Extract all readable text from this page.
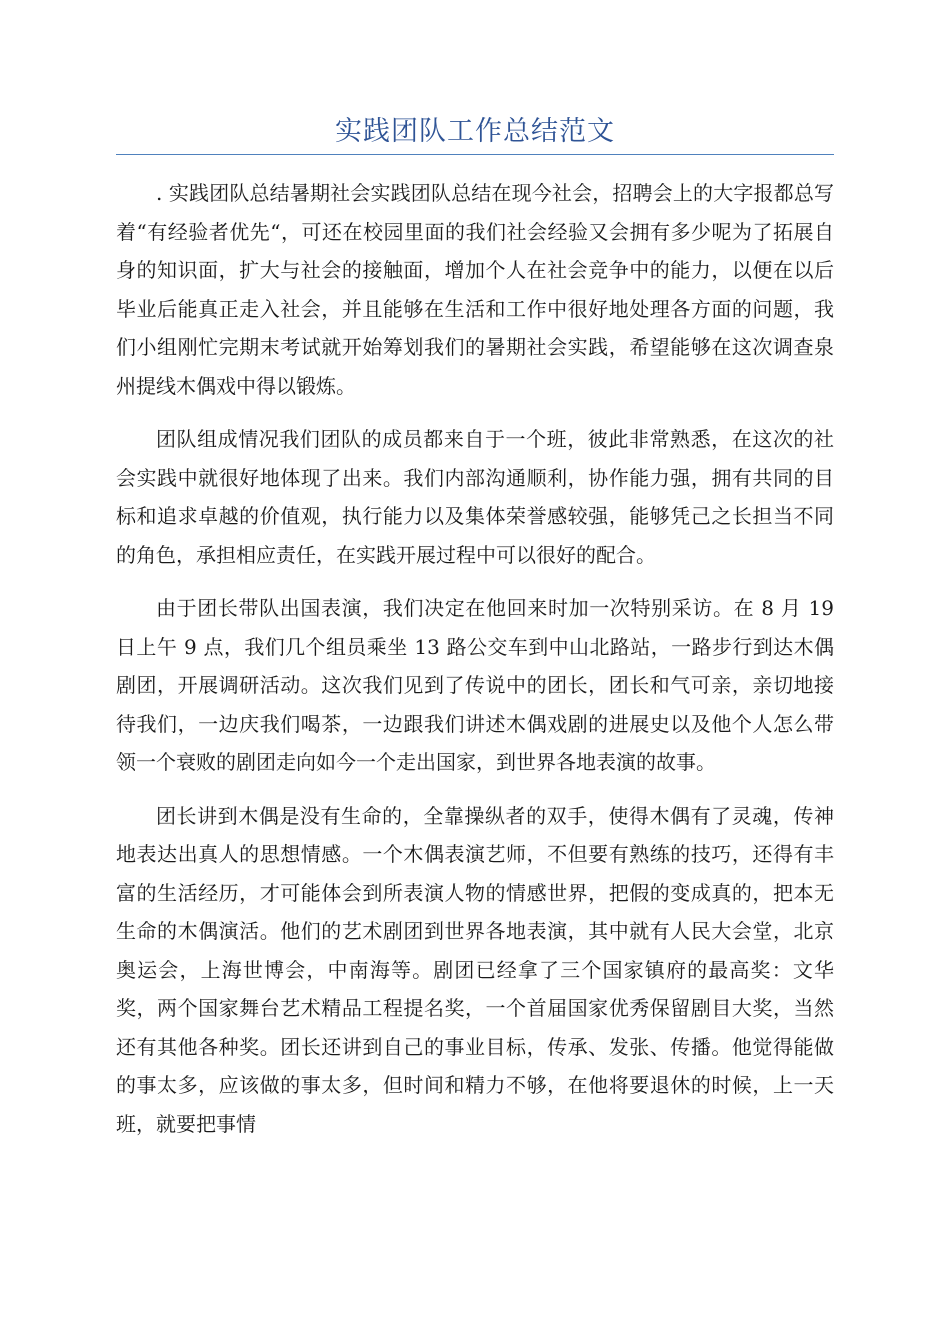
实践团队工作总结范文

. 实践团队总结暑期社会实践团队总结在现今社会，招聘会上的大字报都总写着“有经验者优先“，可还在校园里面的我们社会经验又会拥有多少呢为了拓展自身的知识面，扩大与社会的接触面，增加个人在社会竞争中的能力，以便在以后毕业后能真正走入社会，并且能够在生活和工作中很好地处理各方面的问题，我们小组刚忙完期末考试就开始筹划我们的暑期社会实践，希望能够在这次调查泉州提线木偶戏中得以锻炼。

团队组成情况我们团队的成员都来自于一个班，彼此非常熟悉，在这次的社会实践中就很好地体现了出来。我们内部沟通顺利，协作能力强，拥有共同的目标和追求卓越的价值观，执行能力以及集体荣誉感较强，能够凭己之长担当不同的角色，承担相应责任，在实践开展过程中可以很好的配合。

由于团长带队出国表演，我们决定在他回来时加一次特别采访。在 8 月 19 日上午 9 点，我们几个组员乘坐 13 路公交车到中山北路站，一路步行到达木偶剧团，开展调研活动。这次我们见到了传说中的团长，团长和气可亲，亲切地接待我们，一边庆我们喝茶，一边跟我们讲述木偶戏剧的进展史以及他个人怎么带领一个衰败的剧团走向如今一个走出国家，到世界各地表演的故事。

团长讲到木偶是没有生命的，全靠操纵者的双手，使得木偶有了灵魂，传神地表达出真人的思想情感。一个木偶表演艺师，不但要有熟练的技巧，还得有丰富的生活经历，才可能体会到所表演人物的情感世界，把假的变成真的，把本无生命的木偶演活。他们的艺术剧团到世界各地表演，其中就有人民大会堂，北京奥运会，上海世博会，中南海等。剧团已经拿了三个国家镇府的最高奖：文华奖，两个国家舞台艺术精品工程提名奖，一个首届国家优秀保留剧目大奖，当然还有其他各种奖。团长还讲到自己的事业目标，传承、发张、传播。他觉得能做的事太多，应该做的事太多，但时间和精力不够，在他将要退休的时候，上一天班，就要把事情
